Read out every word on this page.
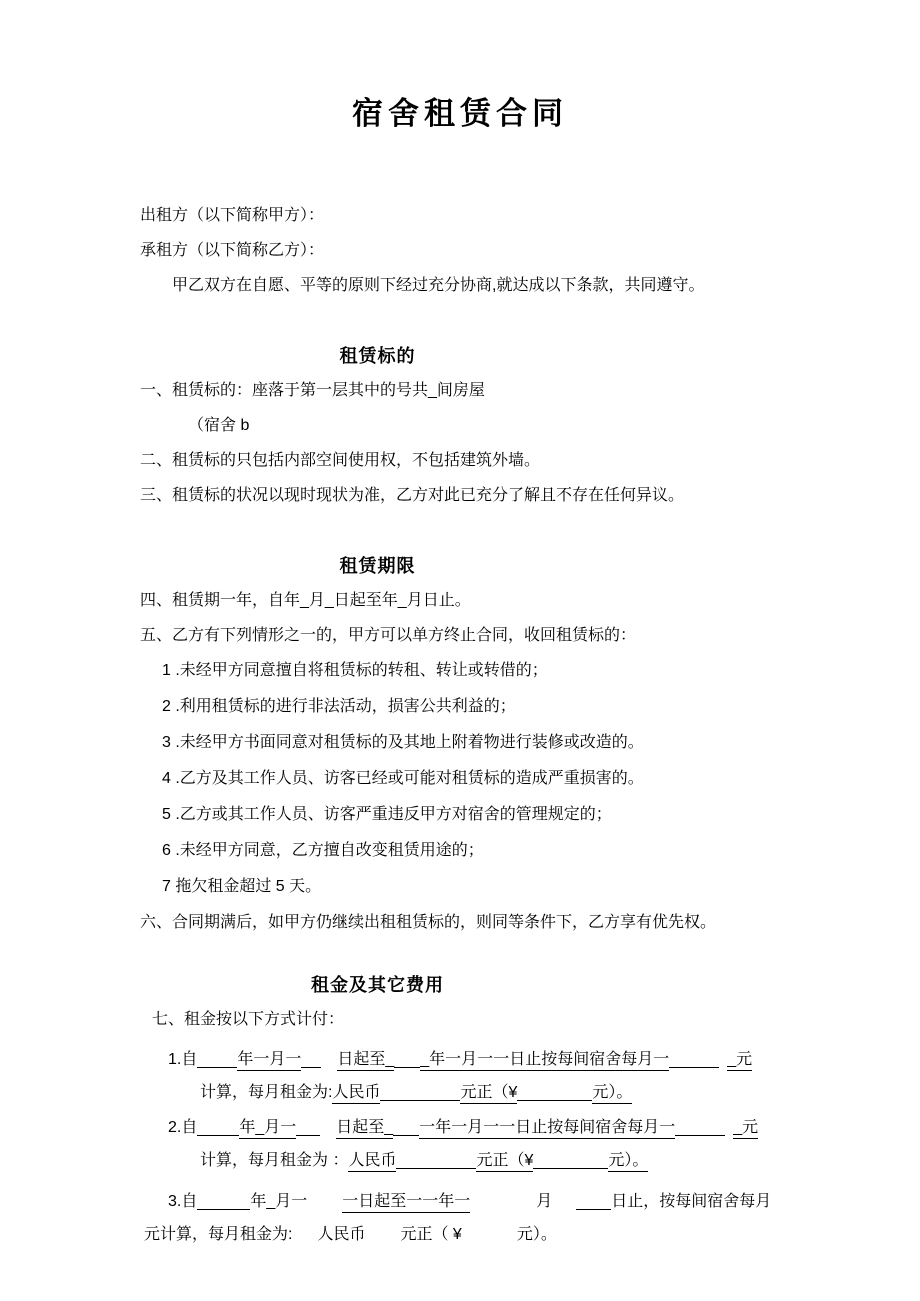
宿舍租赁合同

出租方（以下简称甲方）：

承租方（以下简称乙方）：

甲乙双方在自愿、平等的原则下经过充分协商,就达成以下条款，共同遵守。

租赁标的

一、租赁标的：座落于第一层其中的号共_间房屋

（宿舍 b

二、租赁标的只包括内部空间使用权，不包括建筑外墙。

三、租赁标的状况以现时现状为准，乙方对此已充分了解且不存在任何异议。

租赁期限

四、租赁期一年，自年_月_日起至年_月日止。

五、乙方有下列情形之一的，甲方可以单方终止合同，收回租赁标的：

1 .未经甲方同意擅自将租赁标的转租、转让或转借的；

2 .利用租赁标的进行非法活动，损害公共利益的；

3 .未经甲方书面同意对租赁标的及其地上附着物进行装修或改造的。

4 .乙方及其工作人员、访客已经或可能对租赁标的造成严重损害的。

5 .乙方或其工作人员、访客严重违反甲方对宿舍的管理规定的；

6 .未经甲方同意，乙方擅自改变租赁用途的；

7 拖欠租金超过 5 天。

六、合同期满后，如甲方仍继续出租租赁标的，则同等条件下，乙方享有优先权。

租金及其它费用

七、租金按以下方式计付：

1.自	年一月一 日起至_ _年一月一一日止按每间宿舍每月一	_元
计算，每月租金为:人民币	元正（¥	元）。
2.自	年_月一	日起至_ 一年一月一一日止按每间宿舍每月一	_元
计算，每月租金为 ：人民币	元正（¥	元）。
3.自	年_月一 一日起至一一年一	月	日止，按每间宿舍每月
元计算，每月租金为: 人民币 元正（ ¥	元）。
